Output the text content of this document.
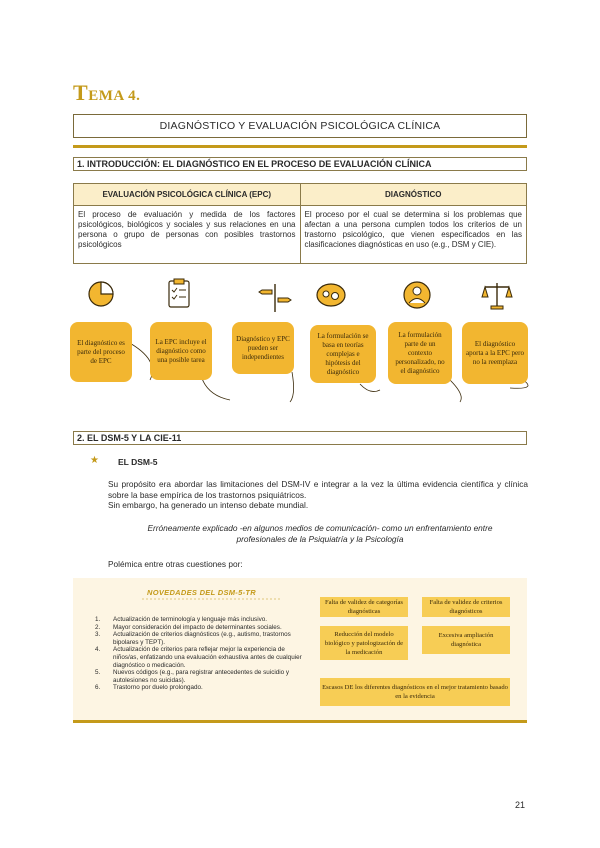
TEMA 4.
DIAGNÓSTICO Y EVALUACIÓN PSICOLÓGICA CLÍNICA
1. INTRODUCCIÓN: EL DIAGNÓSTICO EN EL PROCESO DE EVALUACIÓN CLÍNICA
EVALUACIÓN PSICOLÓGICA CLÍNICA (EPC)	DIAGNÓSTICO
El proceso de evaluación y medida de los factores psicológicos, biológicos y sociales y sus relaciones en una persona o grupo de personas con posibles trastornos psicológicos	El proceso por el cual se determina si los problemas que afectan a una persona cumplen todos los criterios de un trastorno psicológico, que vienen especificados en las clasificaciones diagnósticas en uso (e.g., DSM y CIE).
El diagnóstico es parte del proceso de EPC
La EPC incluye el diagnóstico como una posible tarea
Diagnóstico y EPC pueden ser independientes
La formulación se basa en teorías complejas e hipótesis del diagnóstico
La formulación parte de un contexto personalizado, no el diagnóstico
El diagnóstico aporta a la EPC pero no la reemplaza
2. EL DSM-5 Y LA CIE-11
★ EL DSM-5
Su propósito era abordar las limitaciones del DSM-IV e integrar a la vez la última evidencia científica y clínica sobre la base empírica de los trastornos psiquiátricos.
Sin embargo, ha generado un intenso debate mundial.
Erróneamente explicado -en algunos medios de comunicación- como un enfrentamiento entre profesionales de la Psiquiatría y la Psicología
Polémica entre otras cuestiones por:
NOVEDADES DEL DSM-5-TR
1.	Actualización de terminología y lenguaje más inclusivo.
2.	Mayor consideración del impacto de determinantes sociales.
3.	Actualización de criterios diagnósticos (e.g., autismo, trastornos bipolares y TEPT).
4.	Actualización de criterios para reflejar mejor la experiencia de niños/as, enfatizando una evaluación exhaustiva antes de cualquier diagnóstico o medicación.
5.	Nuevos códigos (e.g., para registrar antecedentes de suicidio y autolesiones no suicidas).
6.	Trastorno por duelo prolongado.
Falta de validez de categorías diagnósticas
Falta de validez de criterios diagnósticos
Reducción del modelo biológico y patologización de la medicación
Excesiva ampliación diagnóstica
Escasos DE los diferentes diagnósticos en el mejor tratamiento basado en la evidencia
21
